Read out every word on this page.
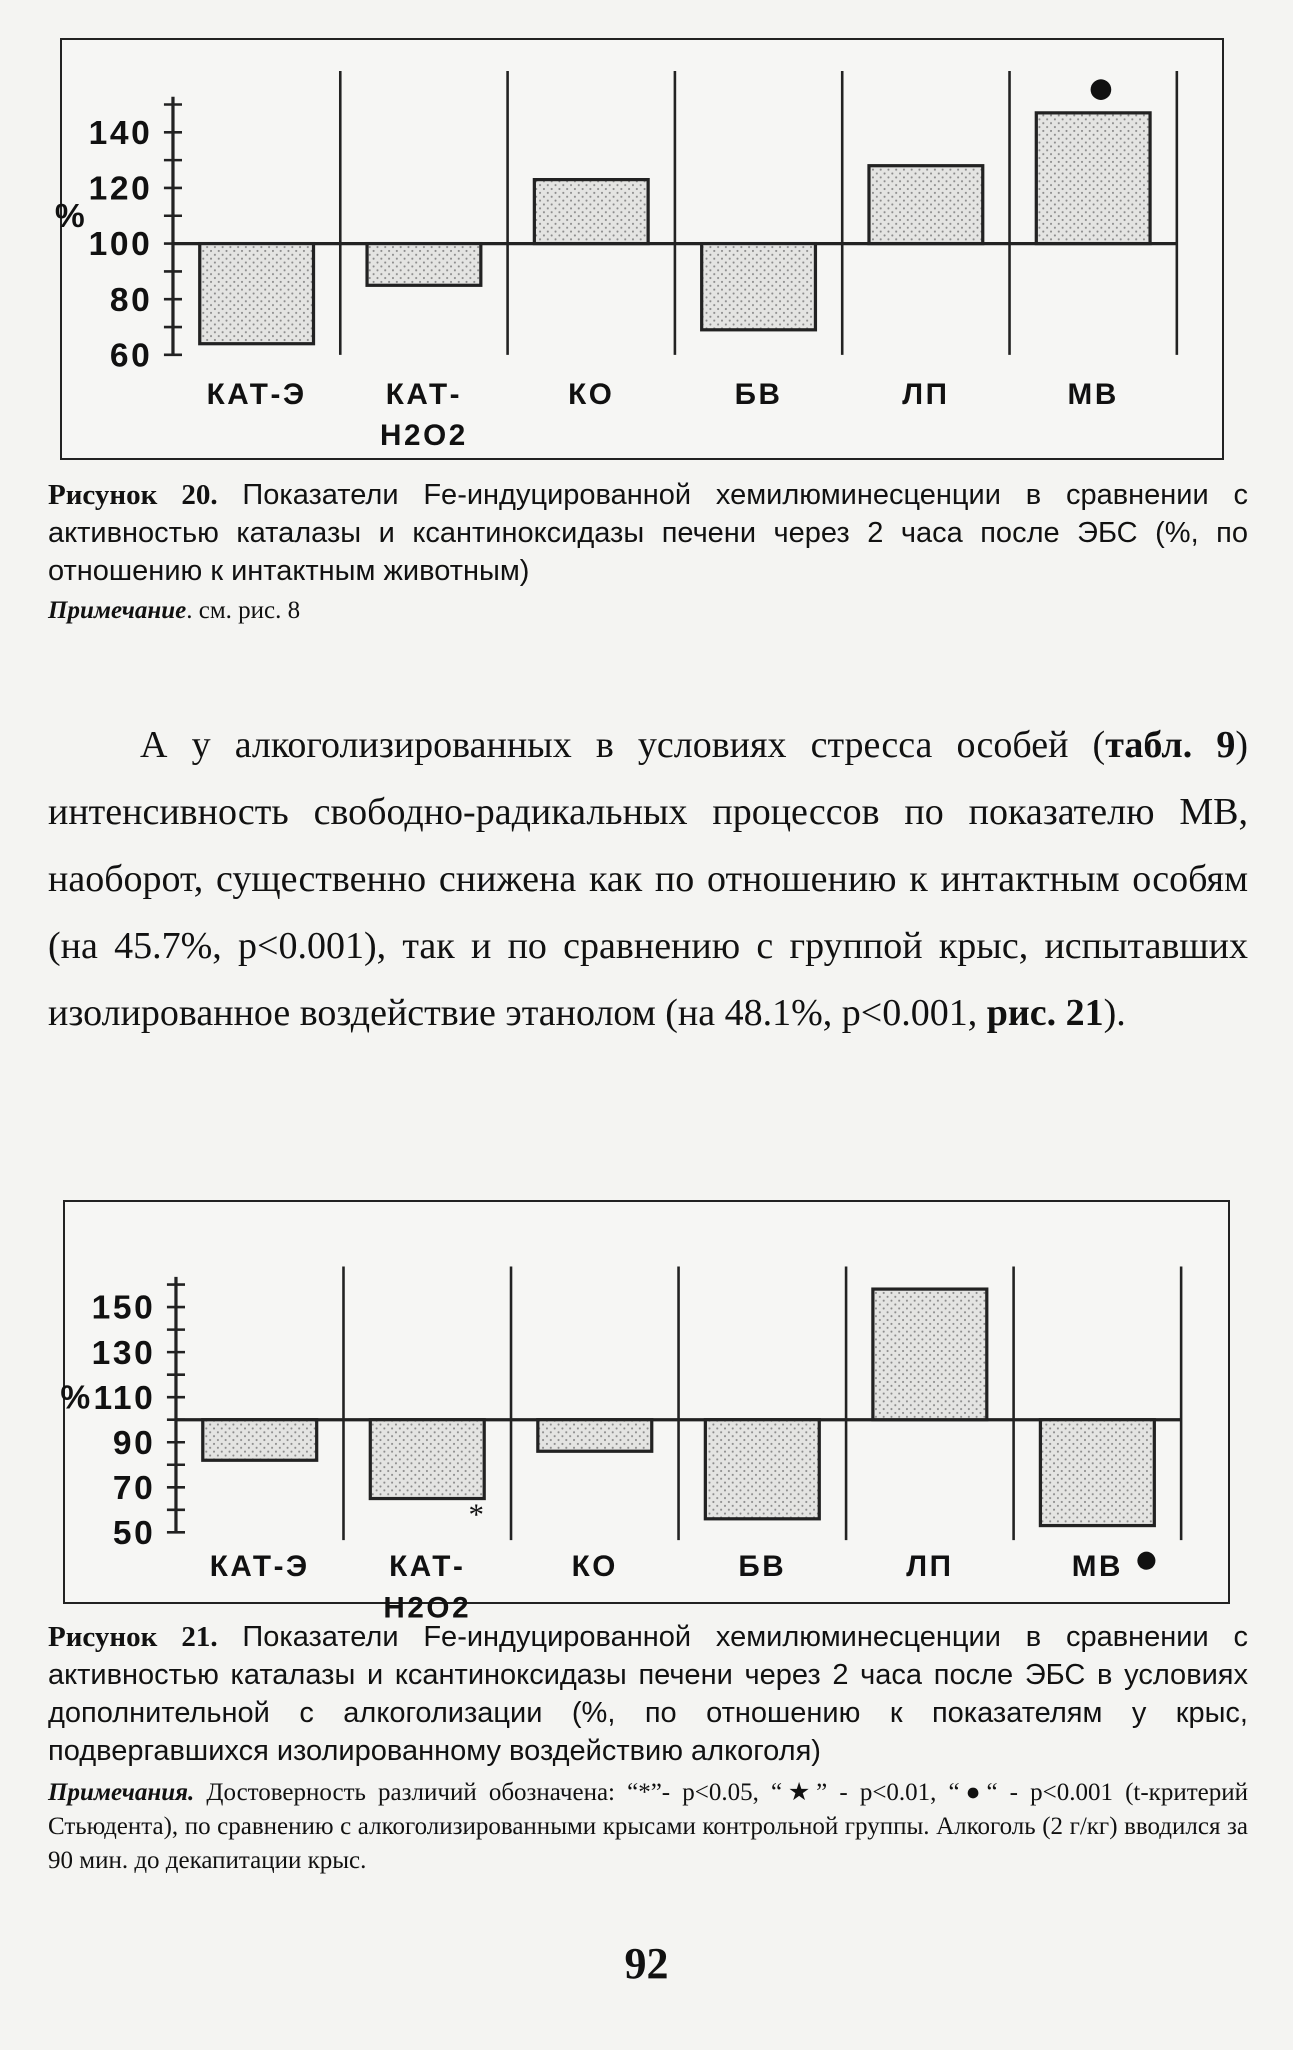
60
80
100
120
140
%
КАТ-Э	КАТ-
Н2О2
КО	БВ	ЛП	МВ
Рисунок 20. Показатели Fe-индуцированной хемилюминесценции в сравнении с активностью каталазы и ксантиноксидазы печени через 2 часа после ЭБС (%, по отношению к интактным животным)
Примечание. см. рис. 8
А у алкоголизированных в условиях стресса особей (табл. 9) интенсивность свободно-радикальных процессов по показателю МВ, наоборот, существенно снижена как по отношению к интактным особям (на 45.7%, р<0.001), так и по сравнению с группой крыс, испытавших изолированное воздействие этанолом (на 48.1%, р<0.001, рис. 21).
50
70
90
110
130
150
%
КАТ-Э	КАТ-
Н2О2
*
КО	БВ	ЛП	МВ
Рисунок 21. Показатели Fe-индуцированной хемилюминесценции в сравнении с активностью каталазы и ксантиноксидазы печени через 2 часа после ЭБС в условиях дополнительной с алкоголизации (%, по отношению к показателям у крыс, подвергавшихся изолированному воздействию алкоголя)
Примечания. Достоверность различий обозначена: “*”- р<0.05, “★” - р<0.01, “●“ - р<0.001 (t-критерий Стьюдента), по сравнению с алкоголизированными крысами контрольной группы. Алкоголь (2 г/кг) вводился за 90 мин. до декапитации крыс.
92
